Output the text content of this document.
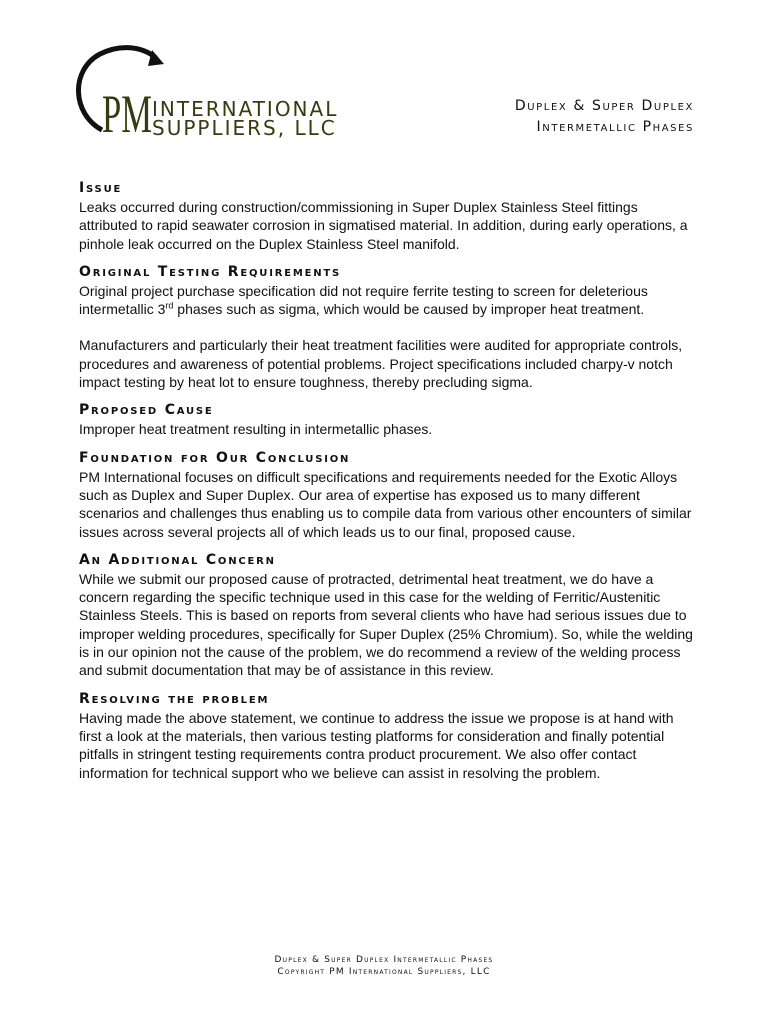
PM INTERNATIONAL
SUPPLIERS, LLC
Duplex & Super Duplex
Intermetallic Phases
Issue

Leaks occurred during construction/commissioning in Super Duplex Stainless Steel fittings attributed to rapid seawater corrosion in sigmatised material. In addition, during early operations, a pinhole leak occurred on the Duplex Stainless Steel manifold.

Original Testing Requirements

Original project purchase specification did not require ferrite testing to screen for deleterious intermetallic 3rd phases such as sigma, which would be caused by improper heat treatment.

Manufacturers and particularly their heat treatment facilities were audited for appropriate controls, procedures and awareness of potential problems. Project specifications included charpy-v notch impact testing by heat lot to ensure toughness, thereby precluding sigma.

Proposed Cause

Improper heat treatment resulting in intermetallic phases.

Foundation for Our Conclusion

PM International focuses on difficult specifications and requirements needed for the Exotic Alloys such as Duplex and Super Duplex. Our area of expertise has exposed us to many different scenarios and challenges thus enabling us to compile data from various other encounters of similar issues across several projects all of which leads us to our final, proposed cause.

An Additional Concern

While we submit our proposed cause of protracted, detrimental heat treatment, we do have a concern regarding the specific technique used in this case for the welding of Ferritic/Austenitic Stainless Steels. This is based on reports from several clients who have had serious issues due to improper welding procedures, specifically for Super Duplex (25% Chromium). So, while the welding is in our opinion not the cause of the problem, we do recommend a review of the welding process and submit documentation that may be of assistance in this review.

Resolving the problem

Having made the above statement, we continue to address the issue we propose is at hand with first a look at the materials, then various testing platforms for consideration and finally potential pitfalls in stringent testing requirements contra product procurement. We also offer contact information for technical support who we believe can assist in resolving the problem.

Duplex & Super Duplex Intermetallic Phases
Copyright PM International Suppliers, LLC
